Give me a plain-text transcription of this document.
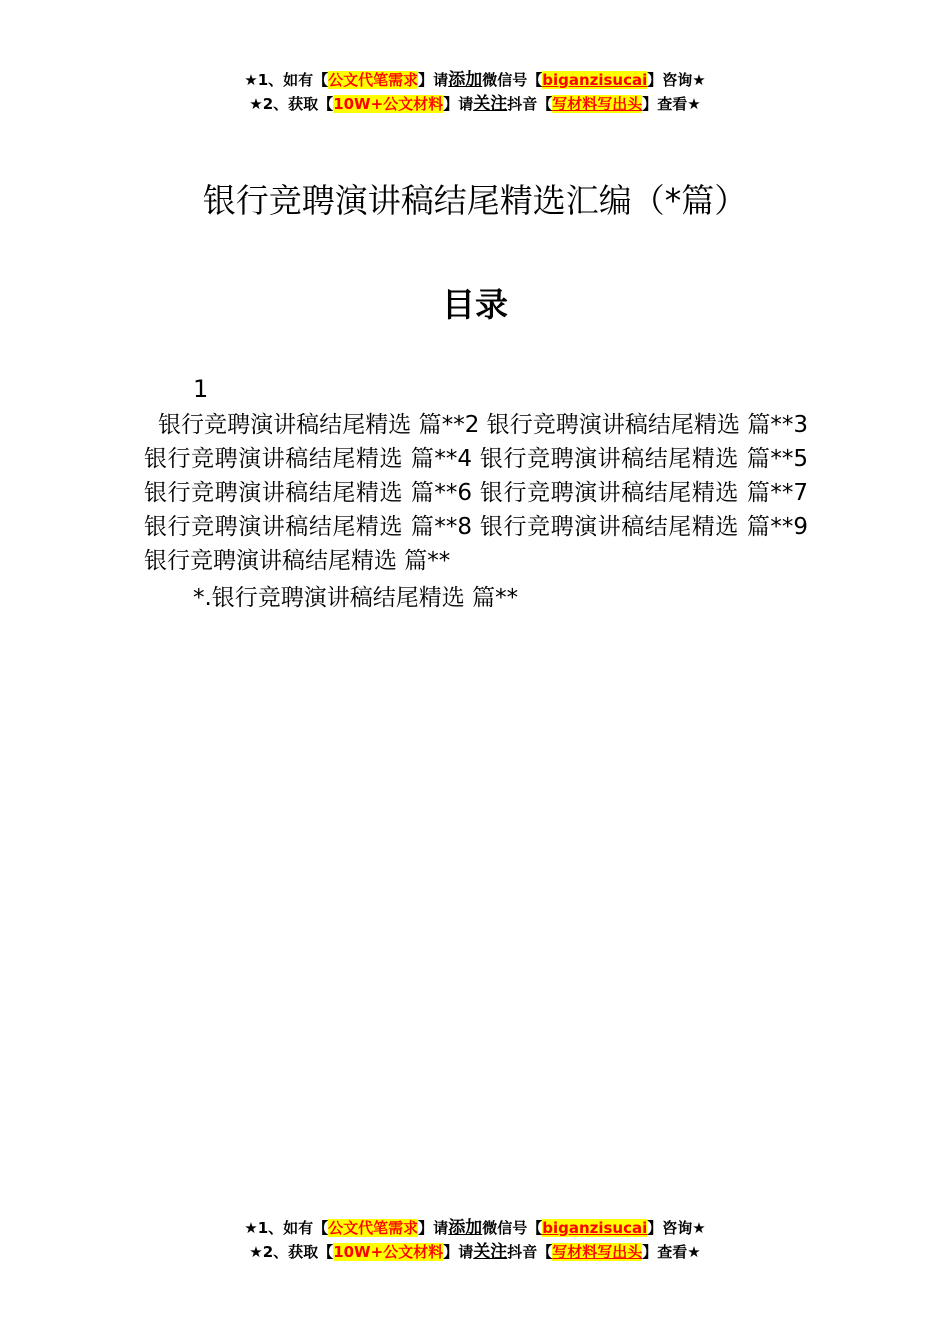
★1、如有【公文代笔需求】请添加微信号【biganzisucai】咨询★
★2、获取【10W+公文材料】请关注抖音【写材料写出头】查看★
银行竞聘演讲稿结尾精选汇编（*篇）
目录
1

银行竞聘演讲稿结尾精选 篇**2 银行竞聘演讲稿结尾精选 篇**3 银行竞聘演讲稿结尾精选 篇**4 银行竞聘演讲稿结尾精选 篇**5 银行竞聘演讲稿结尾精选 篇**6 银行竞聘演讲稿结尾精选 篇**7 银行竞聘演讲稿结尾精选 篇**8 银行竞聘演讲稿结尾精选 篇**9 银行竞聘演讲稿结尾精选 篇**

*.银行竞聘演讲稿结尾精选 篇**
★1、如有【公文代笔需求】请添加微信号【biganzisucai】咨询★
★2、获取【10W+公文材料】请关注抖音【写材料写出头】查看★
